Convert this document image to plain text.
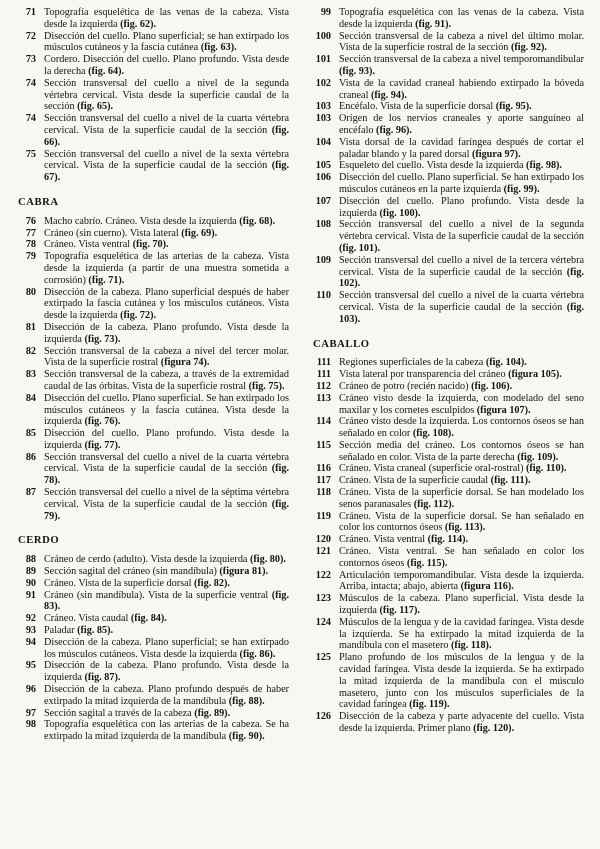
71 Topografía esquelética de las venas de la cabeza. Vista desde la izquierda (fig. 62).
72 Disección del cuello. Plano superficial; se han extirpado los músculos cutáneos y la fascia cutánea (fig. 63).
73 Cordero. Disección del cuello. Plano profundo. Vista desde la derecha (fig. 64).
74 Sección transversal del cuello a nivel de la segunda vértebra cervical. Vista desde la superficie caudal de la sección (fig. 65).
74 Sección transversal del cuello a nivel de la cuarta vértebra cervical. Vista de la superficie caudal de la sección (fig. 66).
75 Sección transversal del cuello a nivel de la sexta vértebra cervical. Vista de la superficie caudal de la sección (fig. 67).
CABRA
76 Macho cabrío. Cráneo. Vista desde la izquierda (fig. 68).
77 Cráneo (sin cuerno). Vista lateral (fig. 69).
78 Cráneo. Vista ventral (fig. 70).
79 Topografía esquelética de las arterias de la cabeza. Vista desde la izquierda (a partir de una muestra sometida a corrosión) (fig. 71).
80 Disección de la cabeza. Plano superficial después de haber extirpado la fascia cutánea y los músculos cutáneos. Vista desde la izquierda (fig. 72).
81 Disección de la cabeza. Plano profundo. Vista desde la izquierda (fig. 73).
82 Sección transversal de la cabeza a nivel del tercer molar. Vista de la superficie rostral (figura 74).
83 Sección transversal de la cabeza, a través de la extremidad caudal de las órbitas. Vista de la superficie rostral (fig. 75).
84 Disección del cuello. Plano superficial. Se han extirpado los músculos cutáneos y la fascia cutánea. Vista desde la izquierda (fig. 76).
85 Disección del cuello. Plano profundo. Vista desde la izquierda (fig. 77).
86 Sección transversal del cuello a nivel de la cuarta vértebra cervical. Vista de la superficie caudal de la sección (fig. 78).
87 Sección transversal del cuello a nivel de la séptima vértebra cervical. Vista de la superficie caudal de la sección (fig. 79).
CERDO
88 Cráneo de cerdo (adulto). Vista desde la izquierda (fig. 80).
89 Sección sagital del cráneo (sin mandíbula) (figura 81).
90 Cráneo. Vista de la superficie dorsal (fig. 82).
91 Cráneo (sin mandíbula). Vista de la superficie ventral (fig. 83).
92 Cráneo. Vista caudal (fig. 84).
93 Paladar (fig. 85).
94 Disección de la cabeza. Plano superficial; se han extirpado los músculos cutáneos. Vista desde la izquierda (fig. 86).
95 Disección de la cabeza. Plano profundo. Vista desde la izquierda (fig. 87).
96 Disección de la cabeza. Plano profundo después de haber extirpado la mitad izquierda de la mandíbula (fig. 88).
97 Sección sagital a través de la cabeza (fig. 89).
98 Topografía esquelética con las arterias de la cabeza. Se ha extirpado la mitad izquierda de la mandíbula (fig. 90).
99 Topografía esquelética con las venas de la cabeza. Vista desde la izquierda (fig. 91).
100 Sección transversal de la cabeza a nivel del último molar. Vista de la superficie rostral de la sección (fig. 92).
101 Sección transversal de la cabeza a nivel temporomandibular (fig. 93).
102 Vista de la cavidad craneal habiendo extirpado la bóveda craneal (fig. 94).
103 Encéfalo. Vista de la superficie dorsal (fig. 95).
103 Origen de los nervios craneales y aporte sanguíneo al encéfalo (fig. 96).
104 Vista dorsal de la cavidad faríngea después de cortar el paladar blando y la pared dorsal (figura 97).
105 Esqueleto del cuello. Vista desde la izquierda (fig. 98).
106 Disección del cuello. Plano superficial. Se han extirpado los músculos cutáneos en la parte izquierda (fig. 99).
107 Disección del cuello. Plano profundo. Vista desde la izquierda (fig. 100).
108 Sección transversal del cuello a nivel de la segunda vértebra cervical. Vista de la superficie caudal de la sección (fig. 101).
109 Sección transversal del cuello a nivel de la tercera vértebra cervical. Vista de la superficie caudal de la sección (fig. 102).
110 Sección transversal del cuello a nivel de la cuarta vértebra cervical. Vista de la superficie caudal de la sección (fig. 103).
CABALLO
111 Regiones superficiales de la cabeza (fig. 104).
111 Vista lateral por transparencia del cráneo (figura 105).
112 Cráneo de potro (recién nacido) (fig. 106).
113 Cráneo visto desde la izquierda, con modelado del seno maxilar y los cornetes esculpidos (figura 107).
114 Cráneo visto desde la izquierda. Los contornos óseos se han señalado en color (fig. 108).
115 Sección media del cráneo. Los contornos óseos se han señalado en color. Vista de la parte derecha (fig. 109).
116 Cráneo. Vista craneal (superficie oral-rostral) (fig. 110).
117 Cráneo. Vista de la superficie caudal (fig. 111).
118 Cráneo. Vista de la superficie dorsal. Se han modelado los senos paranasales (fig. 112).
119 Cráneo. Vista de la superficie dorsal. Se han señalado en color los contornos óseos (fig. 113).
120 Cráneo. Vista ventral (fig. 114).
121 Cráneo. Vista ventral. Se han señalado en color los contornos óseos (fig. 115).
122 Articulación temporomandibular. Vista desde la izquierda. Arriba, intacta; abajo, abierta (figura 116).
123 Músculos de la cabeza. Plano superficial. Vista desde la izquierda (fig. 117).
124 Músculos de la lengua y de la cavidad faríngea. Vista desde la izquierda. Se ha extirpado la mitad izquierda de la mandíbula con el masetero (fig. 118).
125 Plano profundo de los músculos de la lengua y de la cavidad faríngea. Vista desde la izquierda. Se ha extirpado la mitad izquierda de la mandíbula con el músculo masetero, junto con los músculos superficiales de la cavidad faríngea (fig. 119).
126 Disección de la cabeza y parte adyacente del cuello. Vista desde la izquierda. Primer plano (fig. 120).
